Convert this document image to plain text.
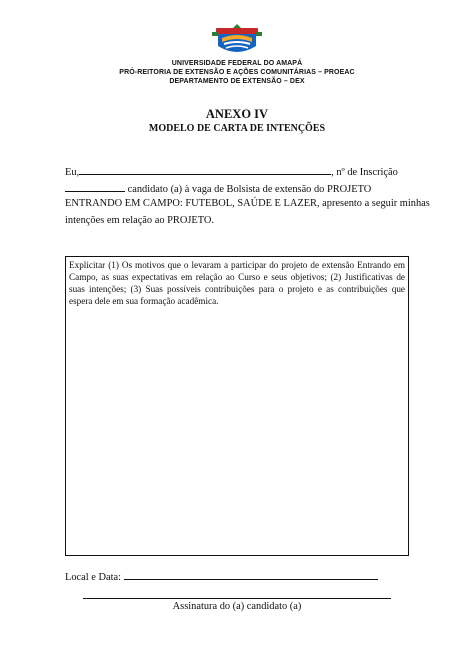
UNIVERSIDADE FEDERAL DO AMAPÁ
PRÓ-REITORIA DE EXTENSÃO E AÇÕES COMUNITÁRIAS – PROEAC
DEPARTAMENTO DE EXTENSÃO – DEX
ANEXO IV
MODELO DE CARTA DE INTENÇÕES
Eu,	, nº de Inscrição
candidato (a) à vaga de Bolsista de extensão do PROJETO
ENTRANDO EM CAMPO: FUTEBOL, SAÚDE E LAZER, apresento a seguir minhas
intenções em relação ao PROJETO.
Explicitar (1) Os motivos que o levaram a participar do projeto de extensão Entrando em Campo, as suas expectativas em relação ao Curso e seus objetivos; (2) Justificativas de suas intenções; (3) Suas possíveis contribuições para o projeto e as contribuições que espera dele em sua formação acadêmica.
Local e Data:
Assinatura do (a) candidato (a)
